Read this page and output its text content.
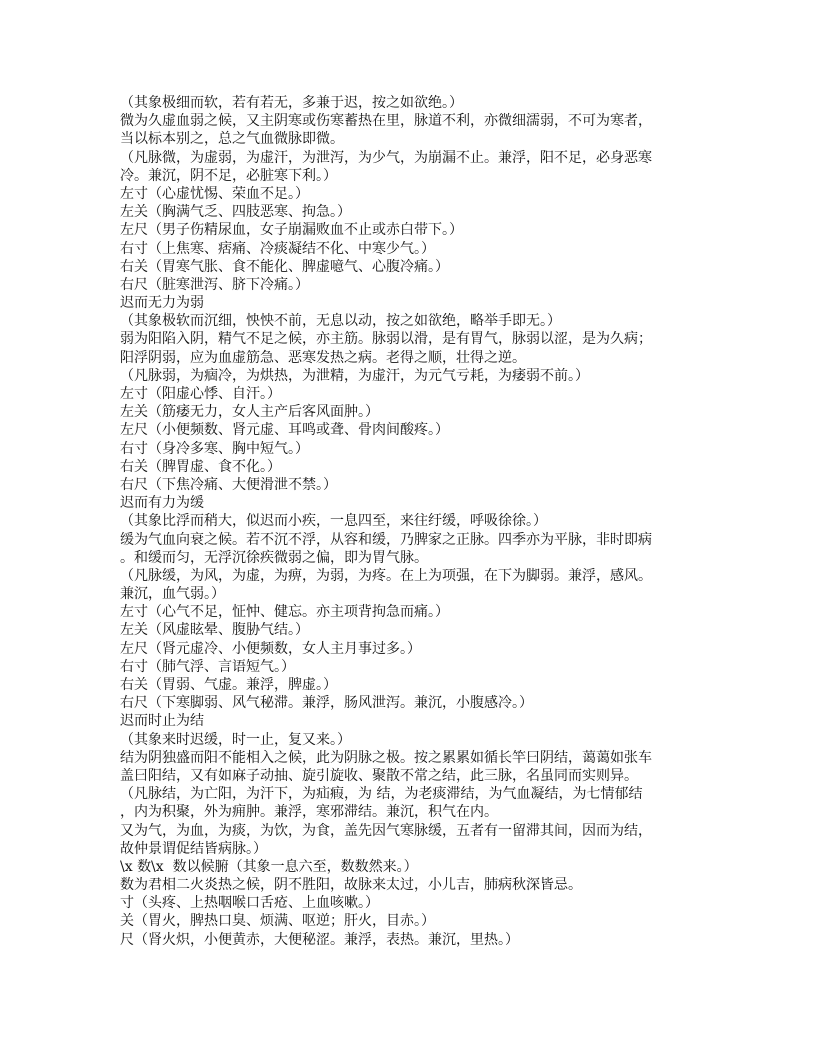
（其象极细而软，若有若无，多兼于迟，按之如欲绝。）
微为久虚血弱之候，又主阴寒或伤寒蓄热在里，脉道不利，亦微细濡弱，不可为寒者，
当以标本别之，总之气血微脉即微。
（凡脉微，为虚弱，为虚汗，为泄泻，为少气，为崩漏不止。兼浮，阳不足，必身恶寒
冷。兼沉，阴不足，必脏寒下利。）
左寸（心虚忧惕、荣血不足。）
左关（胸满气乏、四肢恶寒、拘急。）
左尺（男子伤精尿血，女子崩漏败血不止或赤白带下。）
右寸（上焦寒、痞痛、冷痰凝结不化、中寒少气。）
右关（胃寒气胀、食不能化、脾虚噫气、心腹冷痛。）
右尺（脏寒泄泻、脐下冷痛。）
迟而无力为弱
（其象极软而沉细，怏怏不前，无息以动，按之如欲绝，略举手即无。）
弱为阳陷入阴，精气不足之候，亦主筋。脉弱以滑，是有胃气，脉弱以涩，是为久病；
阳浮阴弱，应为血虚筋急、恶寒发热之病。老得之顺，壮得之逆。
（凡脉弱，为痼冷，为烘热，为泄精，为虚汗，为元气亏耗，为痿弱不前。）
左寸（阳虚心悸、自汗。）
左关（筋痿无力，女人主产后客风面肿。）
左尺（小便频数、肾元虚、耳鸣或聋、骨肉间酸疼。）
右寸（身冷多寒、胸中短气。）
右关（脾胃虚、食不化。）
右尺（下焦冷痛、大便滑泄不禁。）
迟而有力为缓
（其象比浮而稍大，似迟而小疾，一息四至，来往纡缓，呼吸徐徐。）
缓为气血向衰之候。若不沉不浮，从容和缓，乃脾家之正脉。四季亦为平脉，非时即病
。和缓而匀，无浮沉徐疾微弱之偏，即为胃气脉。
（凡脉缓，为风，为虚，为痹，为弱，为疼。在上为项强，在下为脚弱。兼浮，感风。
兼沉，血气弱。）
左寸（心气不足，怔忡、健忘。亦主项背拘急而痛。）
左关（风虚眩晕、腹胁气结。）
左尺（肾元虚冷、小便频数，女人主月事过多。）
右寸（肺气浮、言语短气。）
右关（胃弱、气虚。兼浮，脾虚。）
右尺（下寒脚弱、风气秘滞。兼浮，肠风泄泻。兼沉，小腹感冷。）
迟而时止为结
（其象来时迟缓，时一止，复又来。）
结为阴独盛而阳不能相入之候，此为阴脉之极。按之累累如循长竿曰阴结，蔼蔼如张车
盖曰阳结，又有如麻子动抽、旋引旋收、聚散不常之结，此三脉，名虽同而实则异。
（凡脉结，为亡阳，为汗下，为疝瘕，为 结，为老痰滞结，为气血凝结，为七情郁结
，内为积聚，外为痈肿。兼浮，寒邪滞结。兼沉，积气在内。
又为气，为血，为痰，为饮，为食，盖先因气寒脉缓，五者有一留滞其间，因而为结，
故仲景谓促结皆病脉。）
\x 数\x  数以候腑（其象一息六至，数数然来。）
数为君相二火炎热之候，阴不胜阳，故脉来太过，小儿吉，肺病秋深皆忌。
寸（头疼、上热咽喉口舌疮、上血咳嗽。）
关（胃火，脾热口臭、烦满、呕逆；肝火，目赤。）
尺（肾火炽，小便黄赤，大便秘涩。兼浮，表热。兼沉，里热。）
